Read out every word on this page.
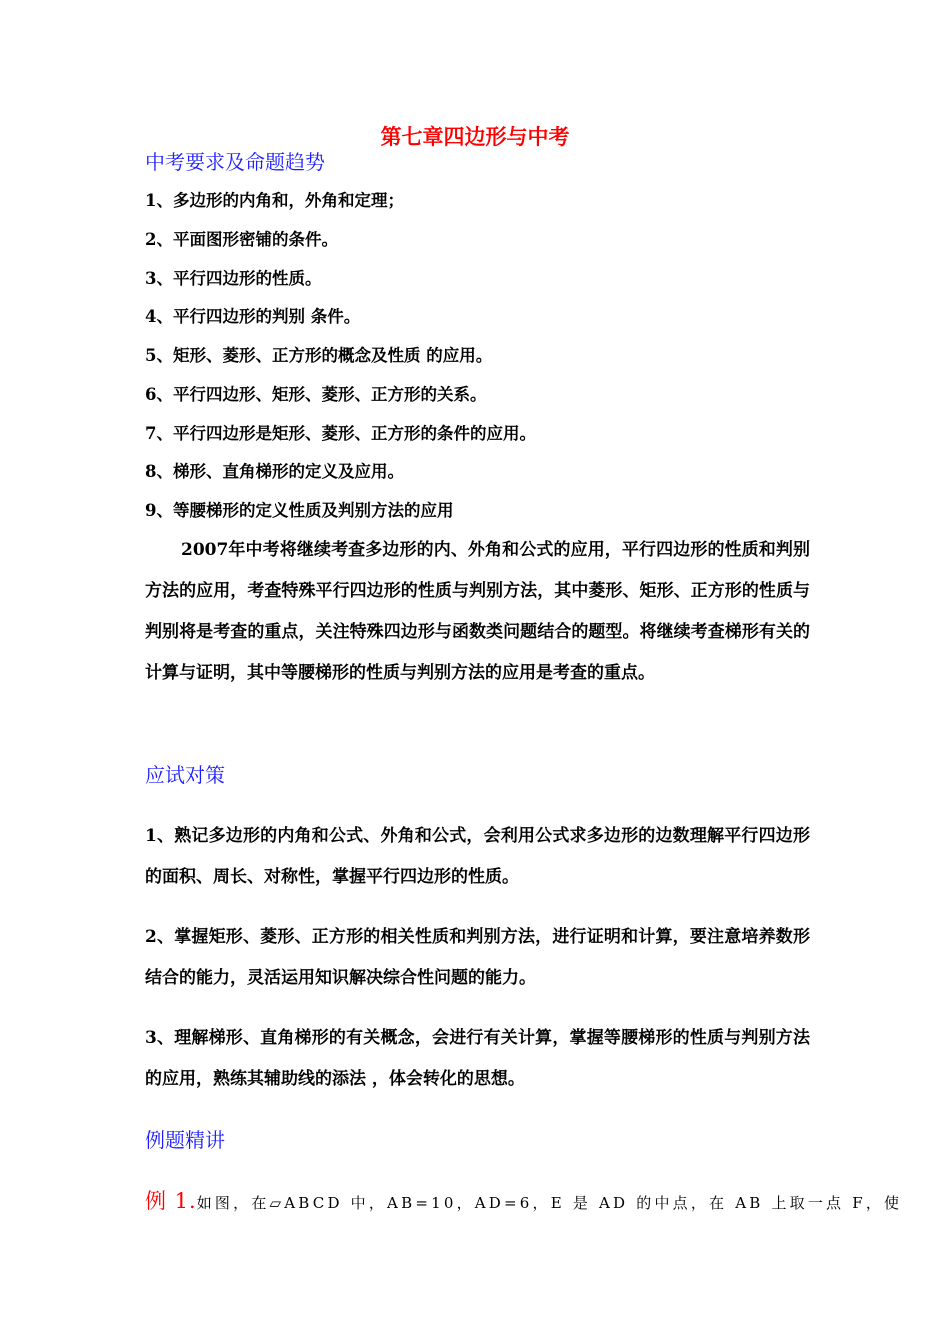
第七章四边形与中考
中考要求及命题趋势
1、多边形的内角和，外角和定理；
2、平面图形密铺的条件。
3、平行四边形的性质。
4、平行四边形的判别 条件。
5、矩形、菱形、正方形的概念及性质 的应用。
6、平行四边形、矩形、菱形、正方形的关系。
7、平行四边形是矩形、菱形、正方形的条件的应用。
8、梯形、直角梯形的定义及应用。
9、等腰梯形的定义性质及判别方法的应用
2007年中考将继续考查多边形的内、外角和公式的应用，平行四边形的性质和判别方法的应用，考查特殊平行四边形的性质与判别方法，其中菱形、矩形、正方形的性质与判别将是考查的重点，关注特殊四边形与函数类问题结合的题型。将继续考查梯形有关的计算与证明，其中等腰梯形的性质与判别方法的应用是考查的重点。
应试对策
1、熟记多边形的内角和公式、外角和公式，会利用公式求多边形的边数理解平行四边形的面积、周长、对称性，掌握平行四边形的性质。
2、掌握矩形、菱形、正方形的相关性质和判别方法，进行证明和计算，要注意培养数形结合的能力，灵活运用知识解决综合性问题的能力。
3、理解梯形、直角梯形的有关概念，会进行有关计算，掌握等腰梯形的性质与判别方法的应用，熟练其辅助线的添法 ，体会转化的思想。
例题精讲
例 1.如图，在▱ABCD 中，AB=10，AD=6，E 是 AD 的中点，在 AB 上取一点 F，使
